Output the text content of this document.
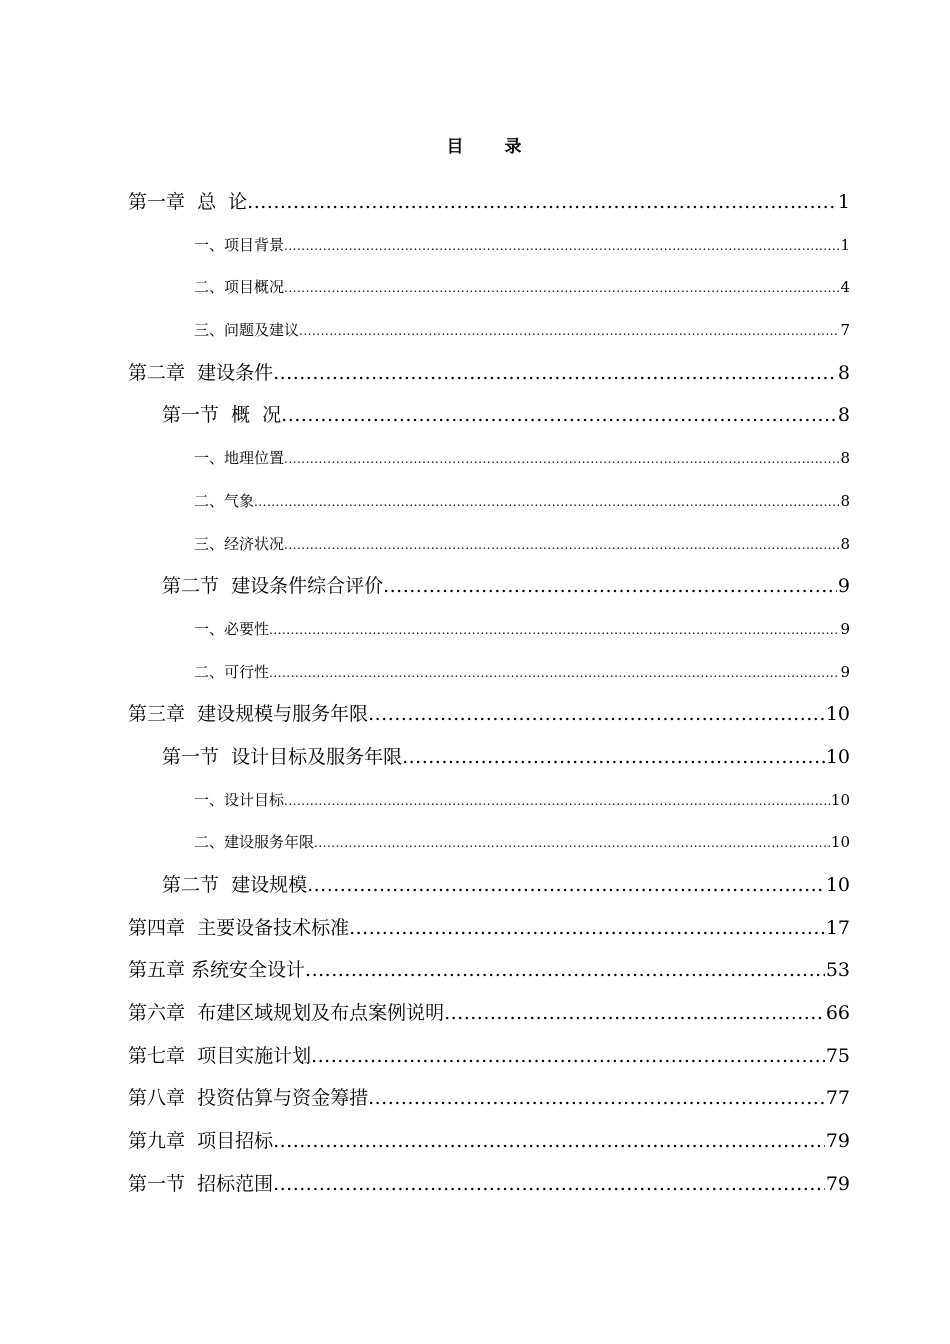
目　录
第一章  总  论 .....	1
一、项目背景 .....	1
二、项目概况 .....	4
三、问题及建议 .....	7
第二章  建设条件 .....	8
第一节  概  况 .....	8
一、地理位置 .....	8
二、气象 .....	8
三、经济状况 .....	8
第二节  建设条件综合评价 .....	9
一、必要性 .....	9
二、可行性 .....	9
第三章  建设规模与服务年限 .....	10
第一节  设计目标及服务年限 .....	10
一、设计目标 .....	10
二、建设服务年限 .....	10
第二节  建设规模 .....	10
第四章  主要设备技术标准 .....	17
第五章 系统安全设计 .....	53
第六章  布建区域规划及布点案例说明 .....	66
第七章  项目实施计划 .....	75
第八章  投资估算与资金筹措 .....	77
第九章  项目招标 .....	79
第一节  招标范围 .....	79
